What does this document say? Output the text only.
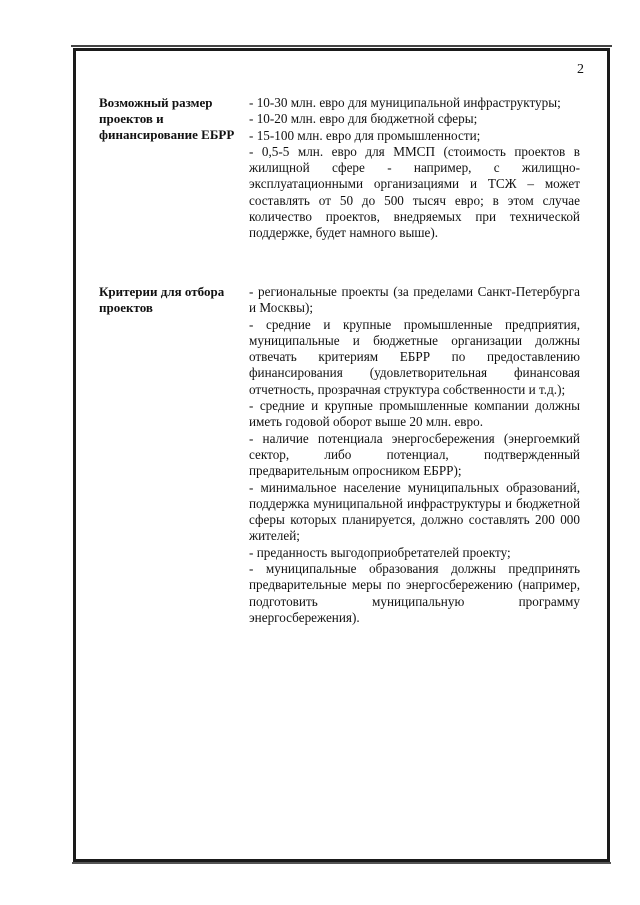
2
Возможный размер проектов и финансирование ЕБРР

- 10-30 млн. евро для муниципальной инфраструктуры;

- 10-20 млн. евро для бюджетной сферы;

- 15-100 млн. евро для промышленности;

- 0,5-5 млн. евро для ММСП (стоимость проектов в жилищной сфере - например, с жилищно-эксплуатационными организациями и ТСЖ – может составлять от 50 до 500 тысяч евро; в этом случае количество проектов, внедряемых при технической поддержке, будет намного выше).

Критерии для отбора проектов

- региональные проекты (за пределами Санкт-Петербурга и Москвы);

- средние и крупные промышленные предприятия, муниципальные и бюджетные организации должны отвечать критериям ЕБРР по предоставлению финансирования (удовлетворительная финансовая отчетность, прозрачная структура собственности и т.д.);

- средние и крупные промышленные компании должны иметь годовой оборот выше 20 млн. евро.

- наличие потенциала энергосбережения (энергоемкий сектор, либо потенциал, подтвержденный предварительным опросником ЕБРР);

- минимальное население муниципальных образований, поддержка муниципальной инфраструктуры и бюджетной сферы которых планируется, должно составлять 200 000 жителей;

- преданность выгодоприобретателей проекту;

- муниципальные образования должны предпринять предварительные меры по энергосбережению (например, подготовить муниципальную программу энергосбережения).
